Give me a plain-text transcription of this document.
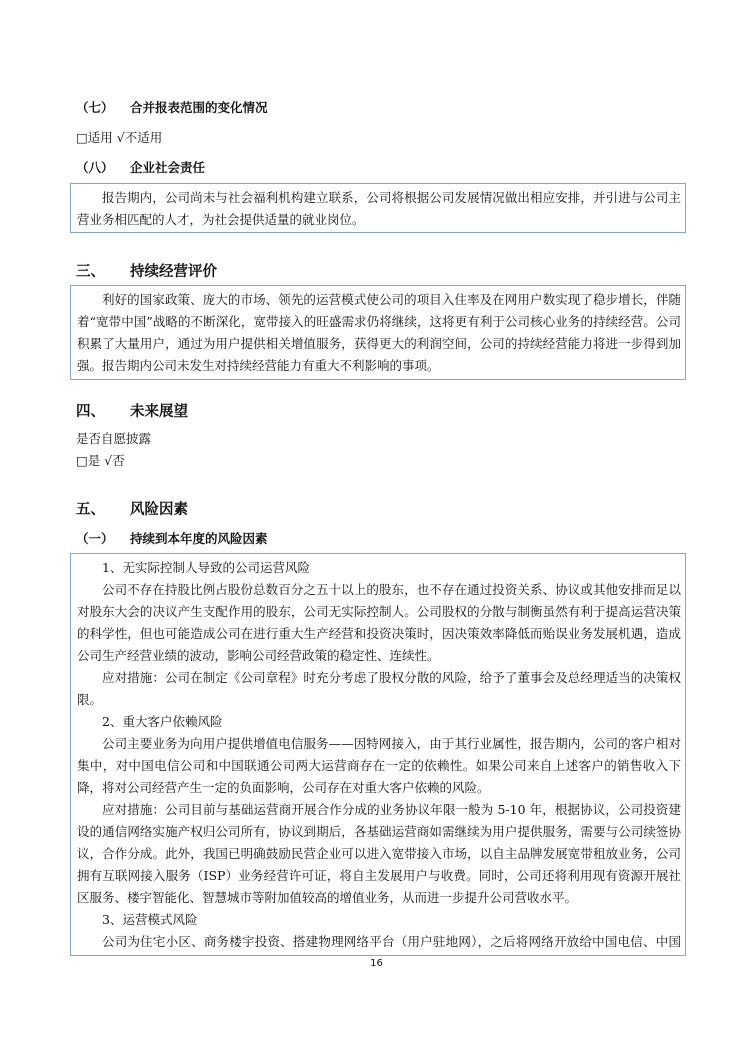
（七） 合并报表范围的变化情况
□适用 √不适用
（八） 企业社会责任

报告期内，公司尚未与社会福利机构建立联系，公司将根据公司发展情况做出相应安排，并引进与公司主营业务相匹配的人才，为社会提供适量的就业岗位。

三、 持续经营评价

利好的国家政策、庞大的市场、领先的运营模式使公司的项目入住率及在网用户数实现了稳步增长，伴随着“宽带中国”战略的不断深化，宽带接入的旺盛需求仍将继续，这将更有利于公司核心业务的持续经营。公司积累了大量用户，通过为用户提供相关增值服务，获得更大的利润空间，公司的持续经营能力将进一步得到加强。报告期内公司未发生对持续经营能力有重大不利影响的事项。

四、 未来展望
是否自愿披露
□是 √否
五、 风险因素
（一） 持续到本年度的风险因素

1、无实际控制人导致的公司运营风险

公司不存在持股比例占股份总数百分之五十以上的股东，也不存在通过投资关系、协议或其他安排而足以对股东大会的决议产生支配作用的股东，公司无实际控制人。公司股权的分散与制衡虽然有利于提高运营决策的科学性，但也可能造成公司在进行重大生产经营和投资决策时，因决策效率降低而贻误业务发展机遇，造成公司生产经营业绩的波动，影响公司经营政策的稳定性、连续性。

应对措施：公司在制定《公司章程》时充分考虑了股权分散的风险，给予了董事会及总经理适当的决策权限。

2、重大客户依赖风险

公司主要业务为向用户提供增值电信服务——因特网接入，由于其行业属性，报告期内，公司的客户相对集中，对中国电信公司和中国联通公司两大运营商存在一定的依赖性。如果公司来自上述客户的销售收入下降，将对公司经营产生一定的负面影响，公司存在对重大客户依赖的风险。

应对措施：公司目前与基础运营商开展合作分成的业务协议年限一般为 5-10 年，根据协议，公司投资建设的通信网络实施产权归公司所有，协议到期后，各基础运营商如需继续为用户提供服务，需要与公司续签协议，合作分成。此外，我国已明确鼓励民营企业可以进入宽带接入市场，以自主品牌发展宽带租放业务，公司拥有互联网接入服务（ISP）业务经营许可证，将自主发展用户与收费。同时，公司还将利用现有资源开展社区服务、楼宇智能化、智慧城市等附加值较高的增值业务，从而进一步提升公司营收水平。

3、运营模式风险

公司为住宅小区、商务楼宇投资、搭建物理网络平台（用户驻地网），之后将网络开放给中国电信、中国

16
